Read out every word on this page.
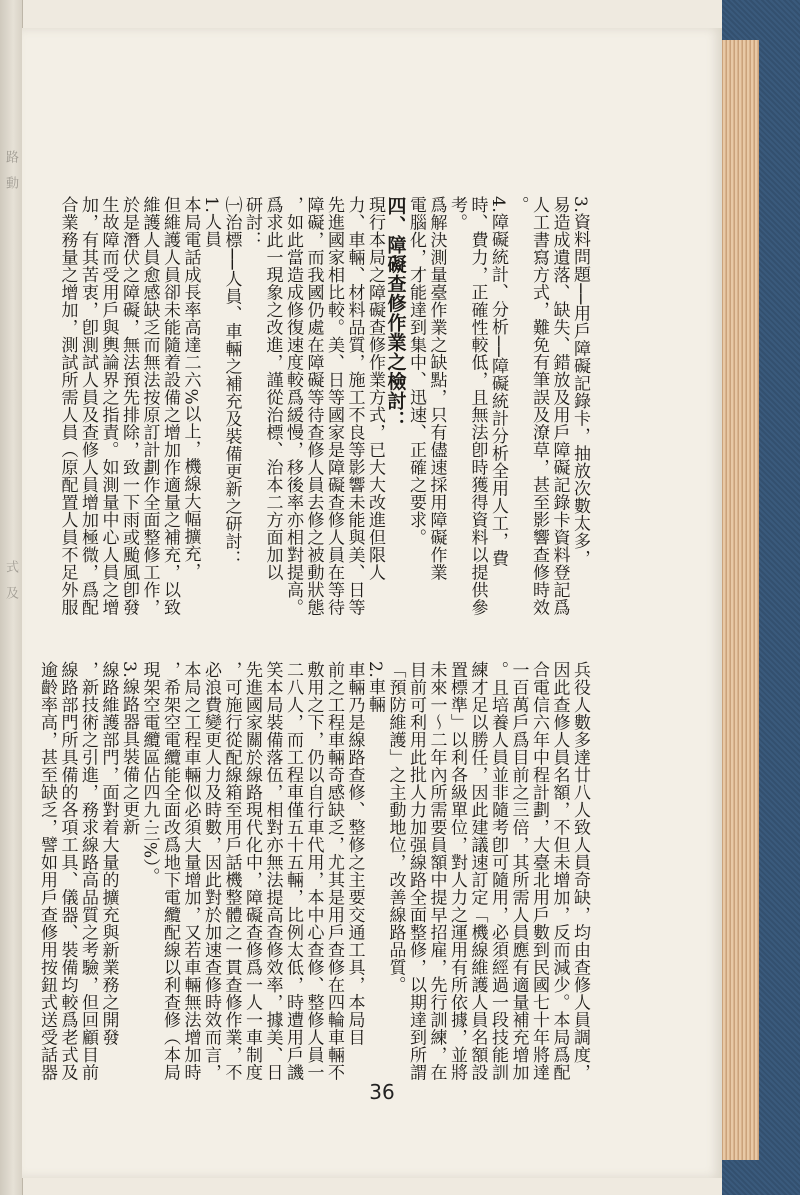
路　動
式　及
3.資料問題──用戶障礙記錄卡，抽放次數太多，
易造成遺落、缺失、錯放及用戶障礙記錄卡資料登記爲
人工書寫方式，難免有筆誤及潦草，甚至影響查修時效
。
4.障礙統計、分析──障礙統計分析全用人工，費
時、費力，正確性較低，且無法卽時獲得資料以提供參
考。
爲解決測量臺作業之缺點，只有儘速採用障礙作業
電腦化，才能達到集中、迅速、正確之要求。
四、障礙查修作業之檢討：
現行本局之障礙查修作業方式，已大大改進但限人
力、車輛、材料品質，施工不良等影響未能與美、日等
先進國家相比較。美、日等國家是障礙查修人員在等待
障礙，而我國仍處在障礙等待查修人員去修之被動狀態
，如此當造成修復速度較爲緩慢，移後率亦相對提高。
爲求此一現象之改進，謹從治標、治本二方面加以
研討：
㈠治標──人員、車輛之補充及裝備更新之研討：
1.人員
本局電話成長率高達二六%以上，機線大幅擴充，
但維護人員卻未能隨着設備之增加作適量之補充，以致
維護人員愈感缺乏而無法按原訂計劃作全面整修工作，
於是潛伏之障礙，無法預先排除，致一下雨或颱風卽發
生故障而受用戶與輿論界之指責。如測量中心人員之增
加，有其苦衷，卽測試人員及查修人員增加極微，爲配
合業務量之增加，測試所需人員（原配置人員不足外服
兵役人數多達廿八人致人員奇缺，均由查修人員調度，
因此查修人員名額，不但未增加，反而減少。本局爲配
合電信六年中程計劃，大臺北用戶數到民國七十年將達
一百萬戶爲目前之三倍，其所需人員應有適量補充增加
。且培養人員並非隨考卽可隨用，必須經過一段技能訓
練才足以勝任，因此建議速訂定「機線維護人員名額設
置標準」以利各級單位，對人力之運用有所依據，並將
未來一～二年內所需要員額中提早招雇，先行訓練，在
目前可利用此批人力加强線路全面整修，以期達到所謂
「預防維護」之主動地位，改善線路品質。
2.車輛
車輛乃是線路查修、整修之主要交通工具，本局目
前之工程車輛奇感缺乏，尤其是用戶查修在四輪車輛不
敷用之下，仍以自行車代用，本中心查修、整修人員一
二八人，而工程車僅五十五輛，比例太低，時遭用戶譏
笑本局裝備落伍，相對亦無法提高查修效率，據美、日
先進國家關於線路現代化中，障礙查修爲一人一車制度
，可施行從配線箱至用戶話機整體之一貫查修作業，不
必浪費變更人力及時數，因此對於加速查修時效而言，
本局之工程車輛似必須大量增加，又若車輛無法增加時
，希架空電纜能全面改爲地下電纜配線以利查修（本局
現架空電纜區佔四九‧三%）。
3.線路器具裝備之更新
線路維護部門，面對着大量的擴充與新業務之開發
，新技術之引進，務求線路高品質之考驗，但回顧目前
線路部門所具備的各項工具、儀器、裝備均較爲老式及
逾齡率高，甚至缺乏，譬如用戶查修用按鈕式送受話器
36
